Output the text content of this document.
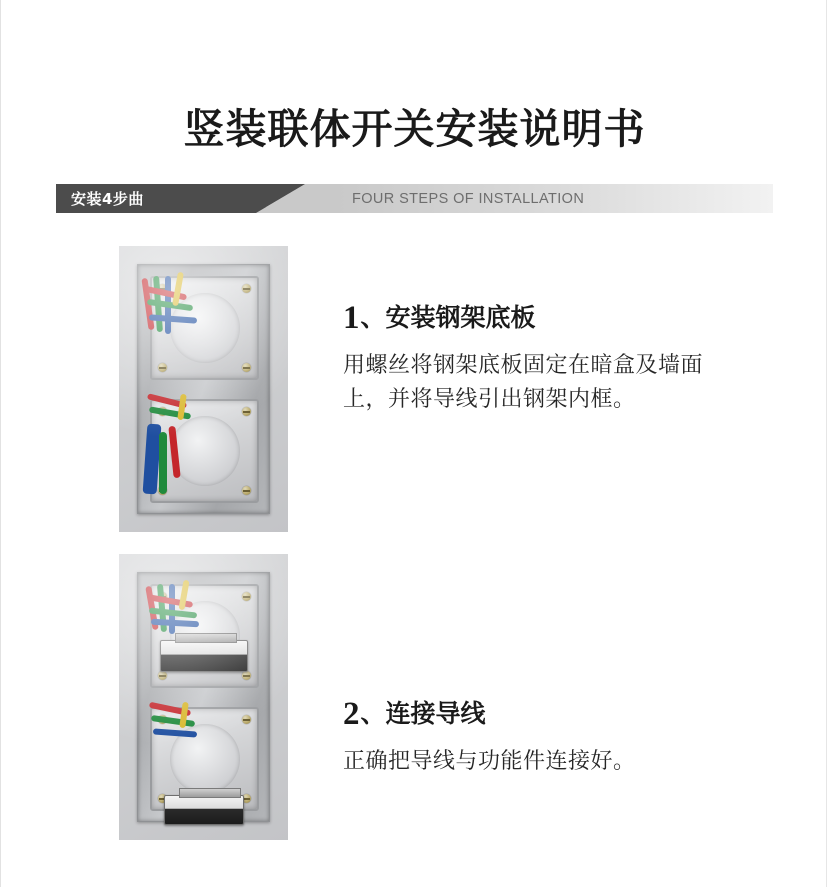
竖装联体开关安装说明书
安装4步曲	FOUR STEPS OF INSTALLATION
1、安装钢架底板
用螺丝将钢架底板固定在暗盒及墙面上，并将导线引出钢架内框。
2、连接导线
正确把导线与功能件连接好。
